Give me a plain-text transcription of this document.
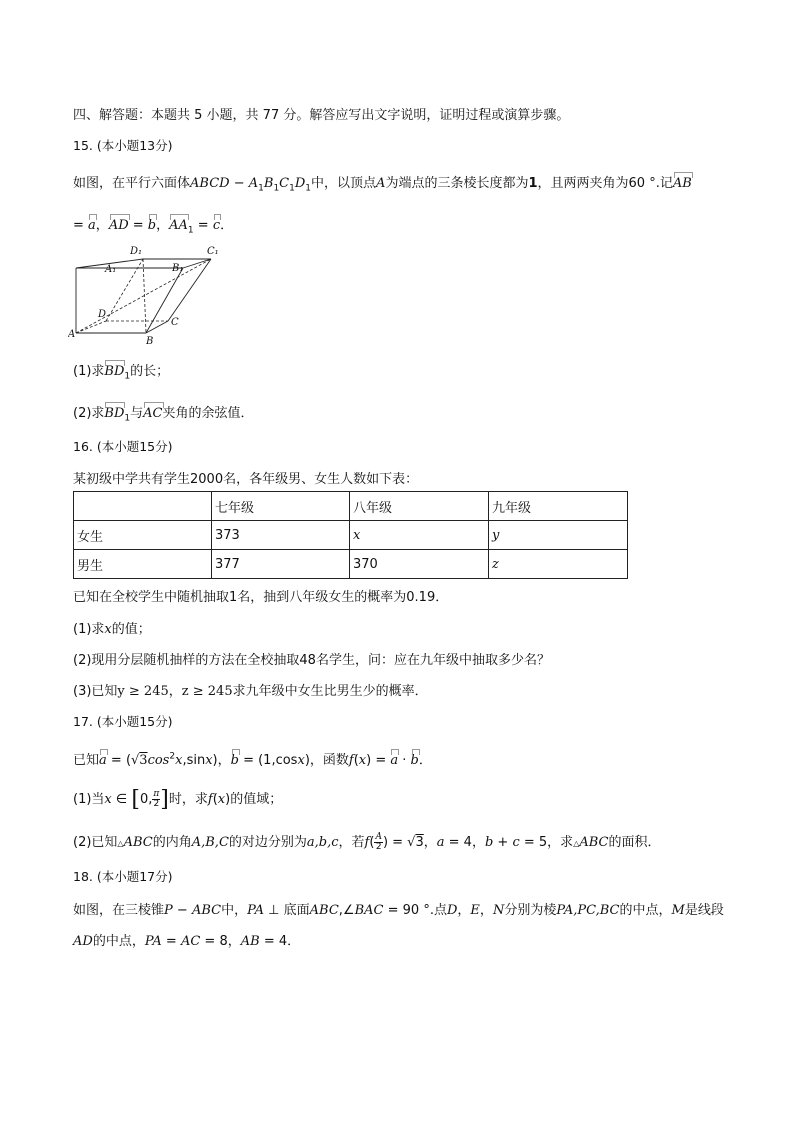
四、解答题：本题共 5 小题，共 77 分。解答应写出文字说明，证明过程或演算步骤。
15. (本小题13分)
如图，在平行六面体ABCD − $A_1B_1C_1D_1$中，以顶点A为端点的三条棱长度都为1，且两两夹角为60 °.记AB
= a，AD = b，$AA_1 = c$．
D₁	C₁
A₁	B₁
D
C
A
B
(1)求$BD_1$的长；
(2)求$BD_1$与AC夹角的余弦值．
16. (本小题15分)
某初级中学共有学生2000名，各年级男、女生人数如下表：
	七年级	八年级	九年级
女生	373	x	y
男生	377	370	z
已知在全校学生中随机抽取1名，抽到八年级女生的概率为0.19．
(1)求x的值；
(2)现用分层随机抽样的方法在全校抽取48名学生，问：应在九年级中抽取多少名？
(3)已知y ≥ 245，z ≥ 245求九年级中女生比男生少的概率．
17. (本小题15分)
已知$a = (√3\cos^2x,\sin x)$，b = (1,cosx)，函数f(x) = a · b．
(1)当x ∈ [0, $\frac{\pi}{2}$ ]时，求f(x)的值域；
(2)已知△ABC的内角A,B,C的对边分别为a,b,c，若$f( \frac{A}{2}$ ) = √3，a = 4，b + c = 5，求△ABC的面积．
18. (本小题17分)
如图，在三棱锥P − ABC中，PA ⊥ 底面ABC,∠BAC = 90 °.点D，E，N分别为棱PA,PC,BC的中点，M是线段
AD的中点，PA = AC = 8，AB = 4．
